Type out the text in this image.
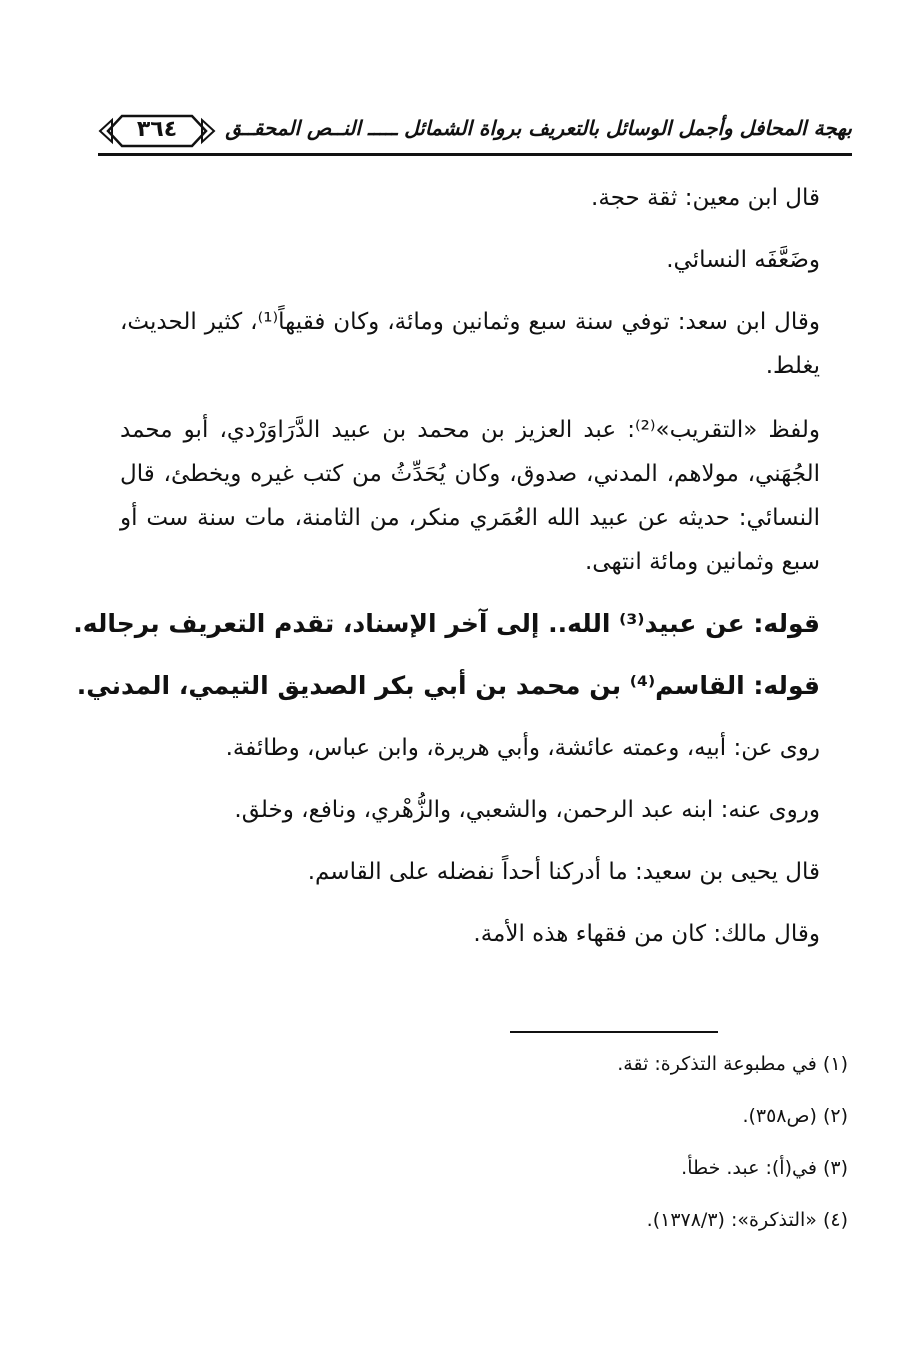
بهجة المحافل وأجمل الوسائل بالتعريف برواة الشمائل ـــــ النــص المحقــق
٣٦٤
قال ابن معين: ثقة حجة.
وضَعَّفَه النسائي.
وقال ابن سعد: توفي سنة سبع وثمانين ومائة، وكان فقيهاً⁽¹⁾، كثير الحديث، يغلط.
ولفظ «التقريب»⁽²⁾: عبد العزيز بن محمد بن عبيد الدَّرَاوَرْدي، أبو محمد الجُهَني، مولاهم، المدني، صدوق، وكان يُحَدِّثُ من كتب غيره ويخطئ، قال النسائي: حديثه عن عبيد الله العُمَري منكر، من الثامنة، مات سنة ست أو سبع وثمانين ومائة انتهى.
قوله: عن عبيد⁽³⁾ الله.. إلى آخر الإسناد، تقدم التعريف برجاله.
قوله: القاسم⁽⁴⁾ بن محمد بن أبي بكر الصديق التيمي، المدني.
روى عن: أبيه، وعمته عائشة، وأبي هريرة، وابن عباس، وطائفة.
وروى عنه: ابنه عبد الرحمن، والشعبي، والزُّهْري، ونافع، وخلق.
قال يحيى بن سعيد: ما أدركنا أحداً نفضله على القاسم.
وقال مالك: كان من فقهاء هذه الأمة.
(١) في مطبوعة التذكرة: ثقة.
(٢) (ص٣٥٨).
(٣) في(أ): عبد. خطأ.
(٤) «التذكرة»: (١٣٧٨/٣).
